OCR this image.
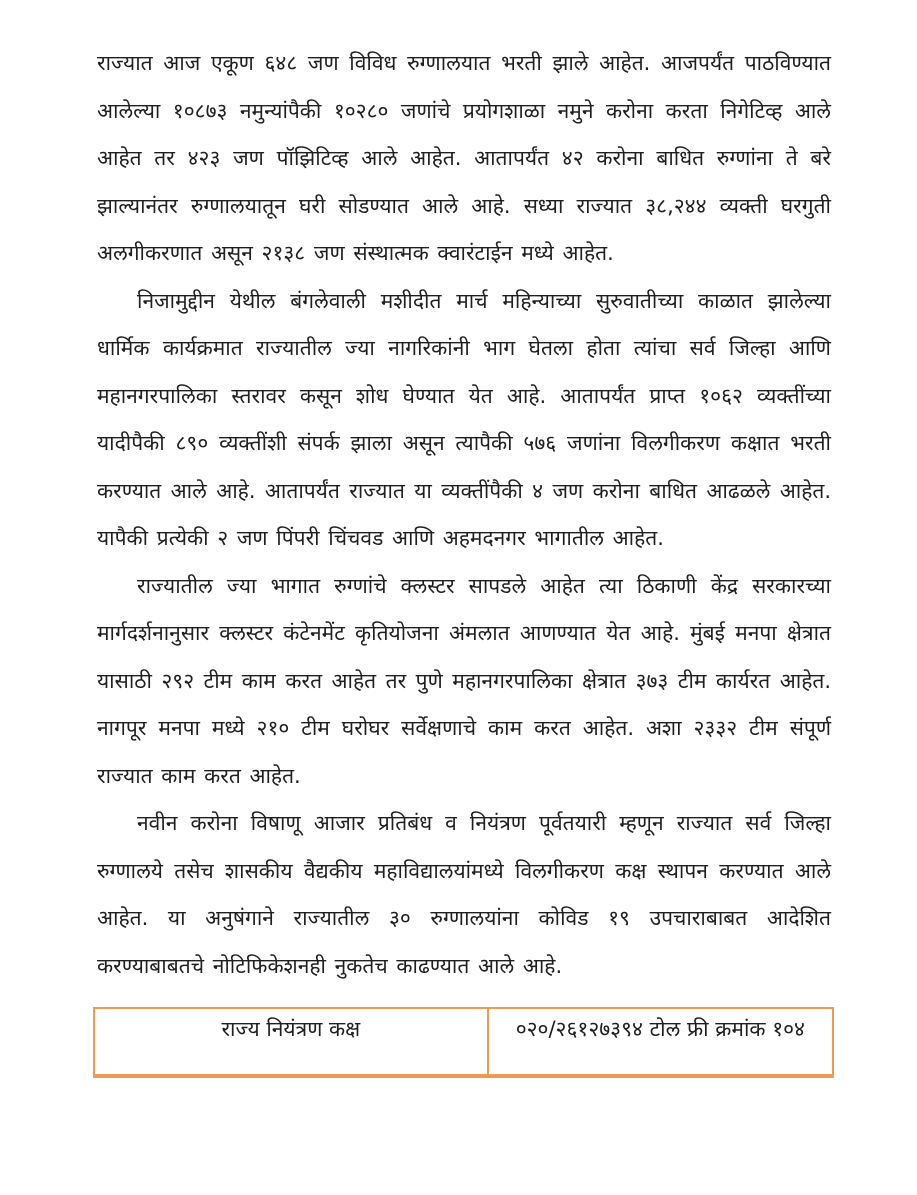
राज्यात आज एकूण ६४८ जण विविध रुग्णालयात भरती झाले आहेत. आजपर्यंत पाठविण्यात आलेल्या १०८७३ नमुन्यांपैकी १०२८० जणांचे प्रयोगशाळा नमुने करोना करता निगेटिव्ह आले आहेत तर ४२३ जण पॉझिटिव्ह आले आहेत. आतापर्यंत ४२ करोना बाधित रुग्णांना ते बरे झाल्यानंतर रुग्णालयातून घरी सोडण्यात आले आहे. सध्या राज्यात ३८,२४४ व्यक्ती घरगुती अलगीकरणात असून २१३८ जण संस्थात्मक क्वारंटाईन मध्ये आहेत.

निजामुद्दीन येथील बंगलेवाली मशीदीत मार्च महिन्याच्या सुरुवातीच्या काळात झालेल्या धार्मिक कार्यक्रमात राज्यातील ज्या नागरिकांनी भाग घेतला होता त्यांचा सर्व जिल्हा आणि महानगरपालिका स्तरावर कसून शोध घेण्यात येत आहे. आतापर्यंत प्राप्त १०६२ व्यक्तींच्या यादीपैकी ८९० व्यक्तींशी संपर्क झाला असून त्यापैकी ५७६ जणांना विलगीकरण कक्षात भरती करण्यात आले आहे. आतापर्यंत राज्यात या व्यक्तींपैकी ४ जण करोना बाधित आढळले आहेत. यापैकी प्रत्येकी २ जण पिंपरी चिंचवड आणि अहमदनगर भागातील आहेत.

राज्यातील ज्या भागात रुग्णांचे क्लस्टर सापडले आहेत त्या ठिकाणी केंद्र सरकारच्या मार्गदर्शनानुसार क्लस्टर कंटेनमेंट कृतियोजना अंमलात आणण्यात येत आहे. मुंबई मनपा क्षेत्रात यासाठी २९२ टीम काम करत आहेत तर पुणे महानगरपालिका क्षेत्रात ३७३ टीम कार्यरत आहेत. नागपूर मनपा मध्ये २१० टीम घरोघर सर्वेक्षणाचे काम करत आहेत. अशा २३३२ टीम संपूर्ण राज्यात काम करत आहेत.

नवीन करोना विषाणू आजार प्रतिबंध व नियंत्रण पूर्वतयारी म्हणून राज्यात सर्व जिल्हा रुग्णालये तसेच शासकीय वैद्यकीय महाविद्यालयांमध्ये विलगीकरण कक्ष स्थापन करण्यात आले आहेत. या अनुषंगाने राज्यातील ३० रुग्णालयांना कोविड १९ उपचाराबाबत आदेशित करण्याबाबतचे नोटिफिकेशनही नुकतेच काढण्यात आले आहे.

राज्य नियंत्रण कक्ष	०२०/२६१२७३९४ टोल फ्री क्रमांक १०४
